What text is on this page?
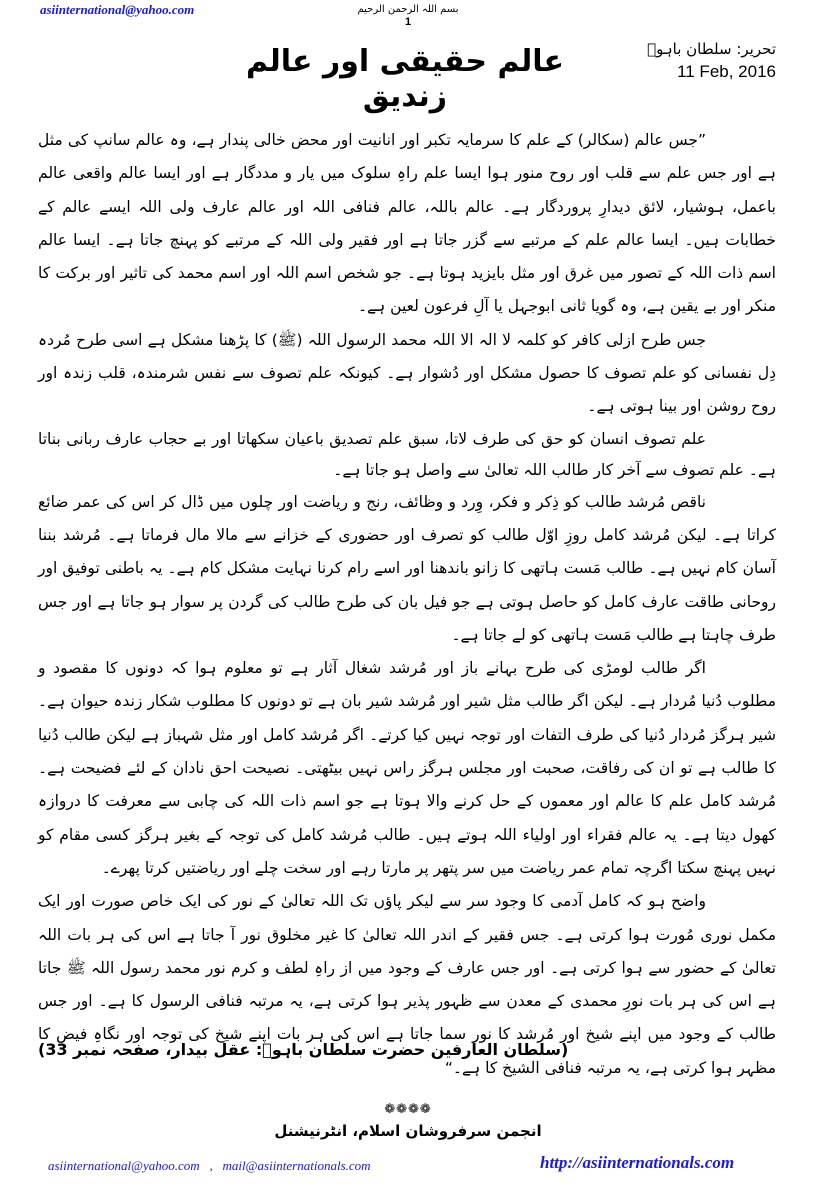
asiinternational@yahoo.com	بسم اللہ الرحمن الرحیم
1
تحریر: سلطان باہوؒ
11 Feb, 2016
عالم حقیقی اور عالم زندیق

”جس عالم (سکالر) کے علم کا سرمایہ تکبر اور انانیت اور محض خالی پندار ہے، وہ عالم سانپ کی مثل ہے اور جس علم سے قلب اور روح منور ہوا ایسا علم راہِ سلوک میں یار و مددگار ہے اور ایسا عالم واقعی عالم باعمل، ہوشیار، لائق دیدارِ پروردگار ہے۔ عالم باللہ، عالم فنافی اللہ اور عالم عارف ولی اللہ ایسے عالم کے خطابات ہیں۔ ایسا عالم علم کے مرتبے سے گزر جاتا ہے اور فقیر ولی اللہ کے مرتبے کو پہنچ جاتا ہے۔ ایسا عالم اسم ذات اللہ کے تصور میں غرق اور مثل بایزید ہوتا ہے۔ جو شخص اسم اللہ اور اسم محمد کی تاثیر اور برکت کا منکر اور بے یقین ہے، وہ گویا ثانی ابوجہل یا آلِ فرعون لعین ہے۔

جس طرح ازلی کافر کو کلمہ لا الہ الا اللہ محمد الرسول اللہ (ﷺ) کا پڑھنا مشکل ہے اسی طرح مُردہ دِل نفسانی کو علم تصوف کا حصول مشکل اور دُشوار ہے۔ کیونکہ علم تصوف سے نفس شرمندہ، قلب زندہ اور روح روشن اور بینا ہوتی ہے۔

علم تصوف انسان کو حق کی طرف لاتا، سبق علم تصدیق باعیان سکھاتا اور بے حجاب عارف ربانی بناتا ہے۔ علم تصوف سے آخر کار طالب اللہ تعالیٰ سے واصل ہو جاتا ہے۔

ناقص مُرشد طالب کو ذِکر و فکر، وِرد و وظائف، رنج و ریاضت اور چلوں میں ڈال کر اس کی عمر ضائع کراتا ہے۔ لیکن مُرشد کامل روزِ اوّل طالب کو تصرف اور حضوری کے خزانے سے مالا مال فرماتا ہے۔ مُرشد بننا آسان کام نہیں ہے۔ طالب مَست ہاتھی کا زانو باندھنا اور اسے رام کرنا نہایت مشکل کام ہے۔ یہ باطنی توفیق اور روحانی طاقت عارف کامل کو حاصل ہوتی ہے جو فیل بان کی طرح طالب کی گردن پر سوار ہو جاتا ہے اور جس طرف چاہتا ہے طالب مَست ہاتھی کو لے جاتا ہے۔

اگر طالب لومڑی کی طرح بہانے باز اور مُرشد شغال آثار ہے تو معلوم ہوا کہ دونوں کا مقصود و مطلوب دُنیا مُردار ہے۔ لیکن اگر طالب مثل شیر اور مُرشد شیر بان ہے تو دونوں کا مطلوب شکار زندہ حیوان ہے۔ شیر ہرگز مُردار دُنیا کی طرف التفات اور توجہ نہیں کیا کرتے۔ اگر مُرشد کامل اور مثل شہباز ہے لیکن طالب دُنیا کا طالب ہے تو ان کی رفاقت، صحبت اور مجلس ہرگز راس نہیں بیٹھتی۔ نصیحت احق نادان کے لئے فضیحت ہے۔ مُرشد کامل علم کا عالم اور معموں کے حل کرنے والا ہوتا ہے جو اسم ذات اللہ کی چابی سے معرفت کا دروازہ کھول دیتا ہے۔ یہ عالم فقراء اور اولیاء اللہ ہوتے ہیں۔ طالب مُرشد کامل کی توجہ کے بغیر ہرگز کسی مقام کو نہیں پہنچ سکتا اگرچہ تمام عمر ریاضت میں سر پتھر پر مارتا رہے اور سخت چلے اور ریاضتیں کرتا پھرے۔

واضح ہو کہ کامل آدمی کا وجود سر سے لیکر پاؤں تک اللہ تعالیٰ کے نور کی ایک خاص صورت اور ایک مکمل نوری مُورت ہوا کرتی ہے۔ جس فقیر کے اندر اللہ تعالیٰ کا غیر مخلوق نور آ جاتا ہے اس کی ہر بات اللہ تعالیٰ کے حضور سے ہوا کرتی ہے۔ اور جس عارف کے وجود میں از راہِ لطف و کرم نور محمد رسول اللہ ﷺ جاتا ہے اس کی ہر بات نورِ محمدی کے معدن سے ظہور پذیر ہوا کرتی ہے، یہ مرتبہ فنافی الرسول کا ہے۔ اور جس طالب کے وجود میں اپنے شیخ اور مُرشد کا نور سما جاتا ہے اس کی ہر بات اپنے شیخ کی توجہ اور نگاہِ فیض کا مظہر ہوا کرتی ہے، یہ مرتبہ فنافی الشیخ کا ہے۔“

(سلطان العارفین حضرت سلطان باہوؒ: عقل بیدار، صفحہ نمبر 33)
❁❁❁❁
انجمن سرفروشان اسلام، انٹرنیشنل
asiinternational@yahoo.com   ,   mail@asiinternationals.com	http://asiinternationals.com
